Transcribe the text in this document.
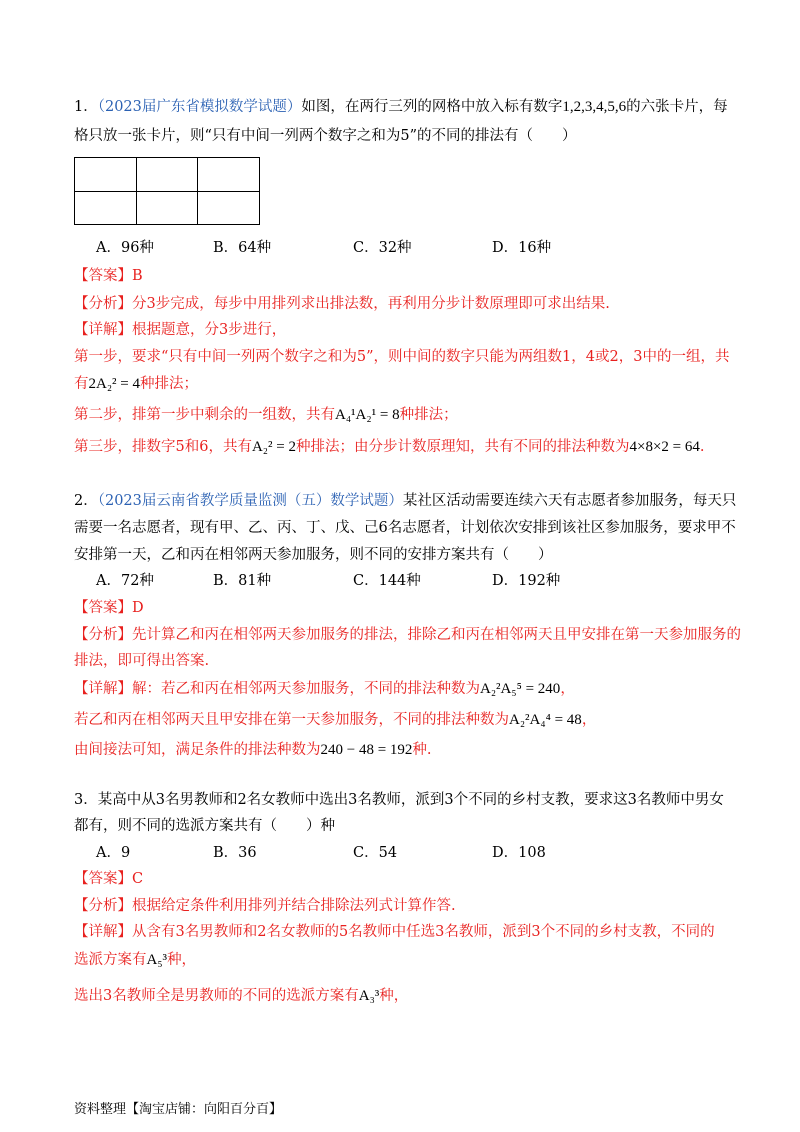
1．（2023届广东省模拟数学试题）如图，在两行三列的网格中放入标有数字1,2,3,4,5,6的六张卡片，每
格只放一张卡片，则“只有中间一列两个数字之和为5”的不同的排法有（　　）

A．96种	B．64种	C．32种	D．16种
【答案】B
【分析】分3步完成，每步中用排列求出排法数，再利用分步计数原理即可求出结果.
【详解】根据题意，分3步进行，
第一步，要求“只有中间一列两个数字之和为5”，则中间的数字只能为两组数1，4或2，3中的一组，共
有2A₂² = 4种排法；
第二步，排第一步中剩余的一组数，共有A₄¹A₂¹ = 8种排法；
第三步，排数字5和6，共有A₂² = 2种排法；由分步计数原理知，共有不同的排法种数为4×8×2 = 64.
2．（2023届云南省教学质量监测（五）数学试题）某社区活动需要连续六天有志愿者参加服务，每天只
需要一名志愿者，现有甲、乙、丙、丁、戊、己6名志愿者，计划依次安排到该社区参加服务，要求甲不
安排第一天，乙和丙在相邻两天参加服务，则不同的安排方案共有（　　）
A．72种	B．81种	C．144种	D．192种
【答案】D
【分析】先计算乙和丙在相邻两天参加服务的排法，排除乙和丙在相邻两天且甲安排在第一天参加服务的
排法，即可得出答案.
【详解】解：若乙和丙在相邻两天参加服务，不同的排法种数为A₂²A₅⁵ = 240，
若乙和丙在相邻两天且甲安排在第一天参加服务，不同的排法种数为A₂²A₄⁴ = 48，
由间接法可知，满足条件的排法种数为240 − 48 = 192种.
3．某高中从3名男教师和2名女教师中选出3名教师，派到3个不同的乡村支教，要求这3名教师中男女
都有，则不同的选派方案共有（　　）种
A．9	B．36	C．54	D．108
【答案】C
【分析】根据给定条件利用排列并结合排除法列式计算作答.
【详解】从含有3名男教师和2名女教师的5名教师中任选3名教师，派到3个不同的乡村支教，不同的
选派方案有A₅³种，
选出3名教师全是男教师的不同的选派方案有A₃³种，
资料整理【淘宝店铺：向阳百分百】
